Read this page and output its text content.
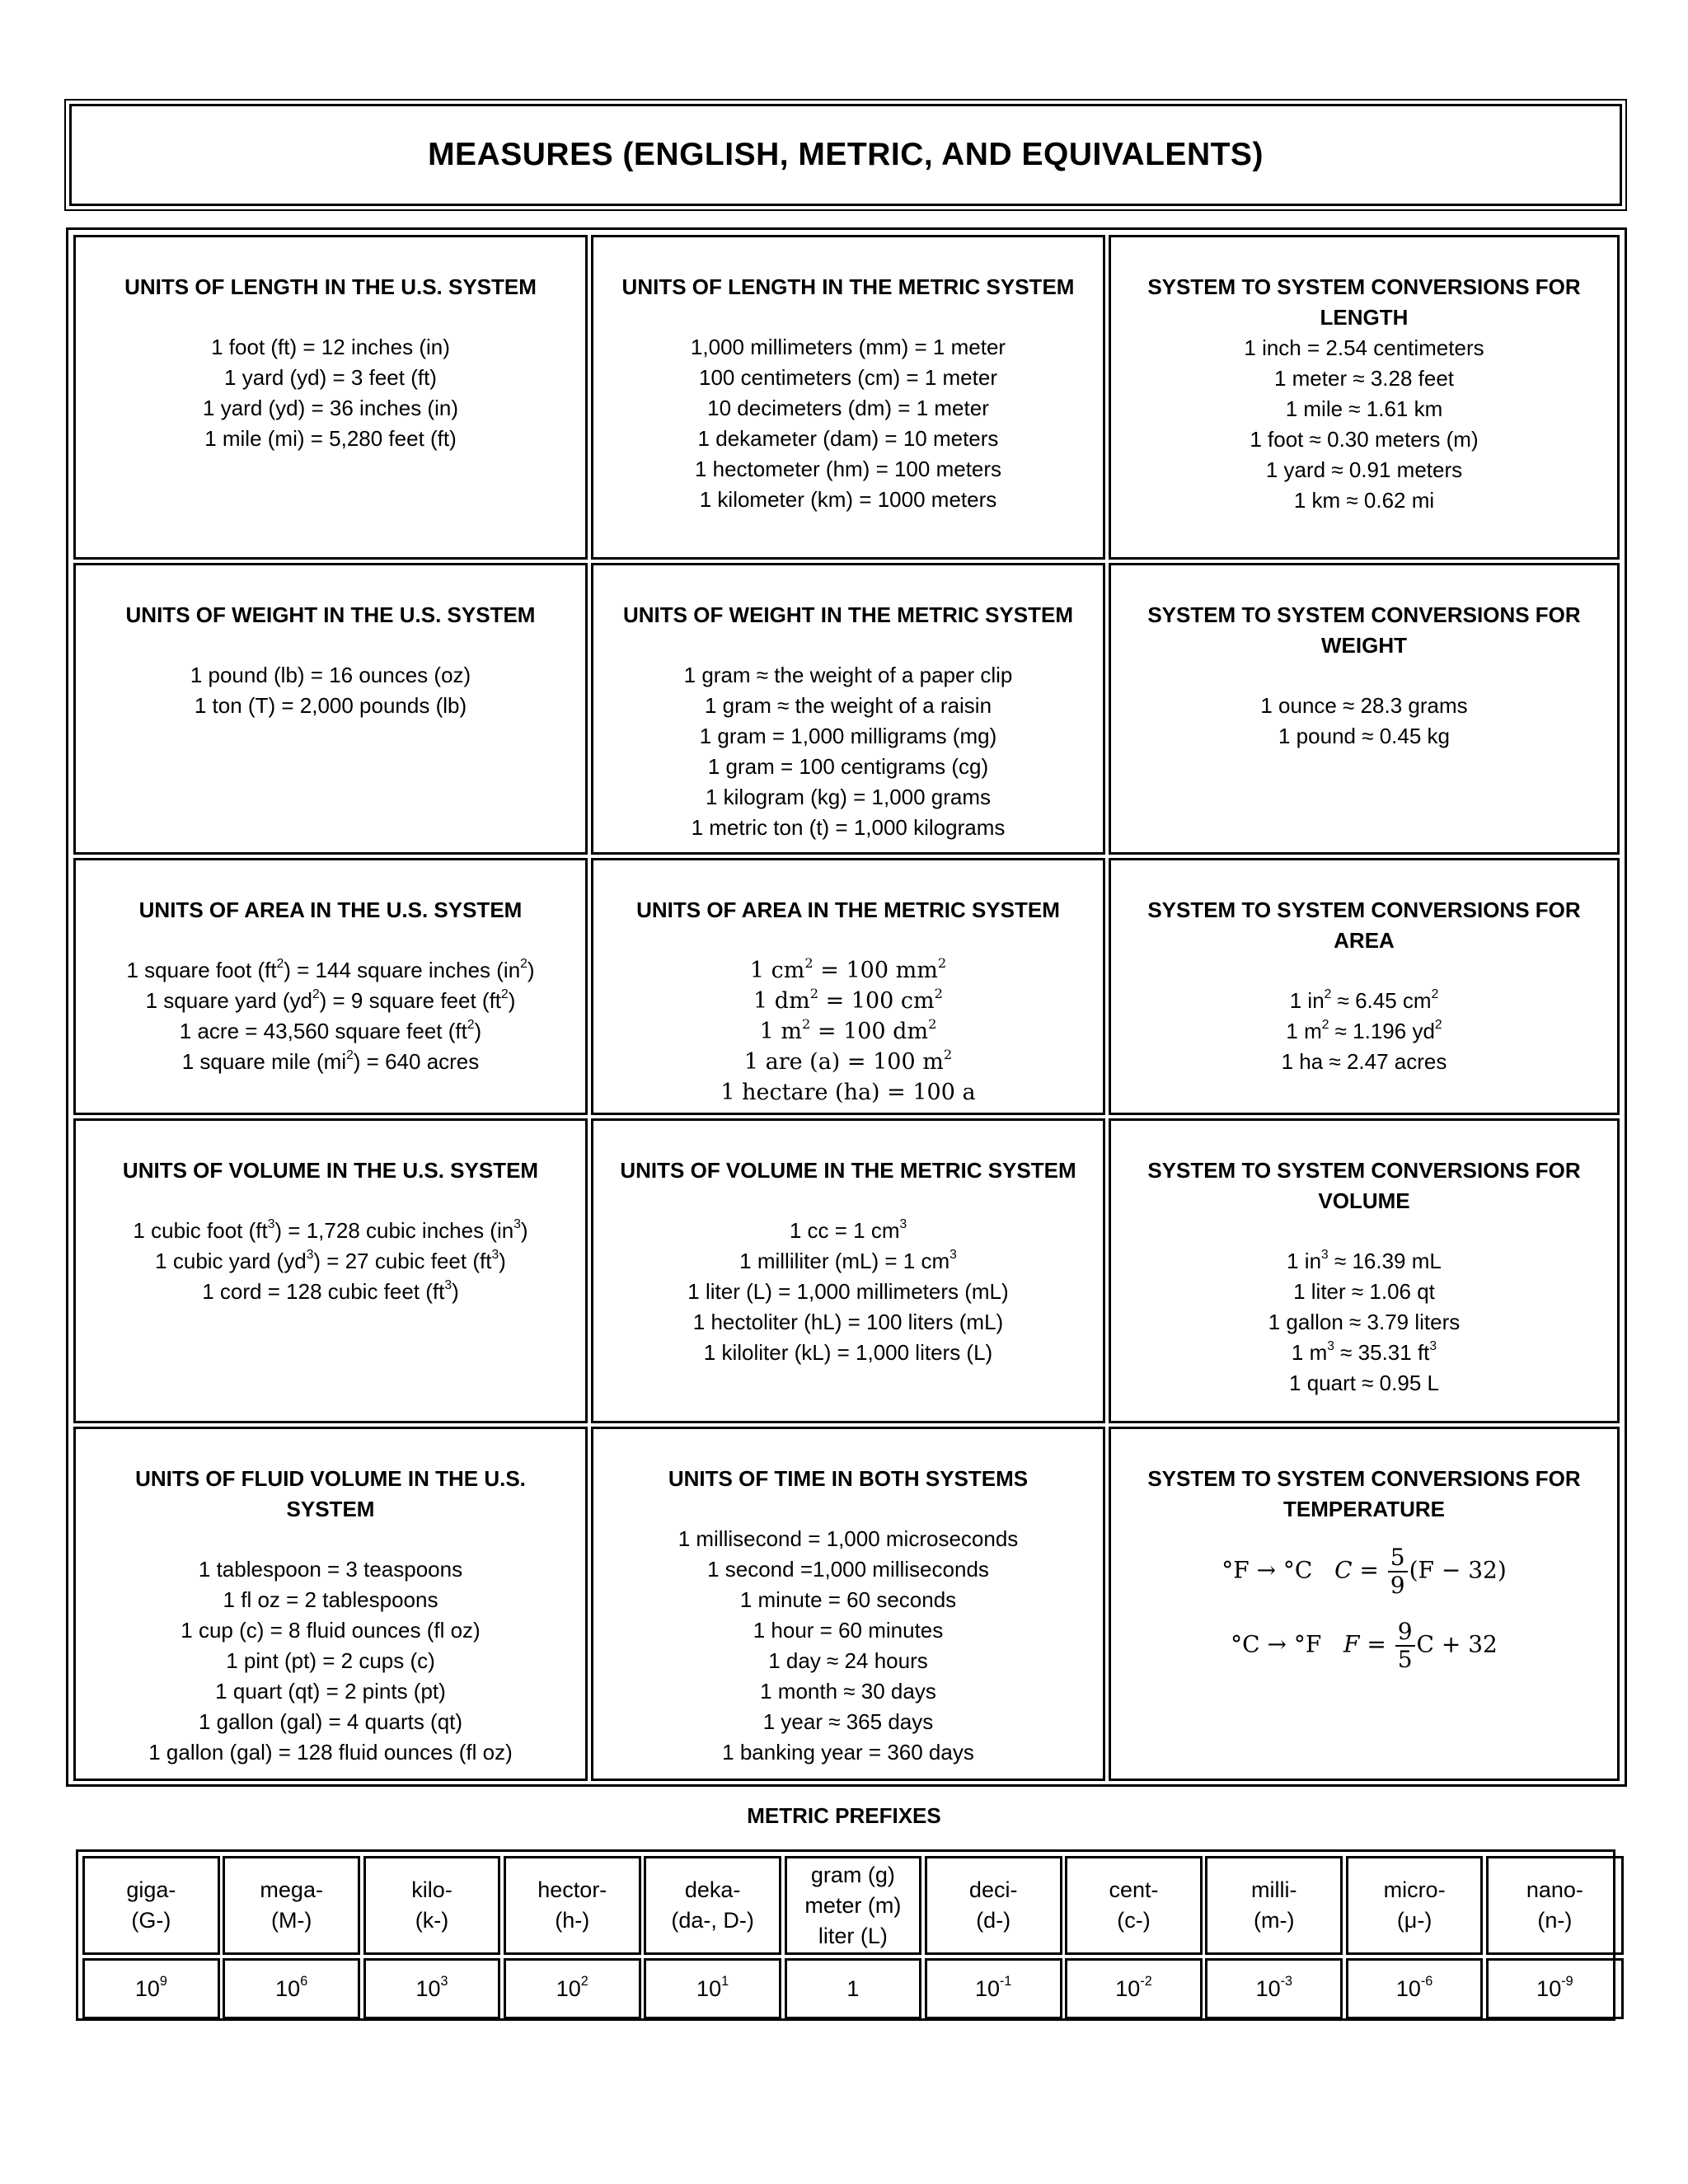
MEASURES (ENGLISH, METRIC, AND EQUIVALENTS)
UNITS OF LENGTH IN THE U.S. SYSTEM
1 foot (ft) = 12 inches (in)
1 yard (yd) = 3 feet (ft)
1 yard (yd) = 36 inches (in)
1 mile (mi) = 5,280 feet (ft)
UNITS OF LENGTH IN THE METRIC SYSTEM
1,000 millimeters (mm) = 1 meter
100 centimeters (cm) = 1 meter
10 decimeters (dm) = 1 meter
1 dekameter (dam) = 10 meters
1 hectometer (hm) = 100 meters
1 kilometer (km) = 1000 meters
SYSTEM TO SYSTEM CONVERSIONS FOR LENGTH
1 inch = 2.54 centimeters
1 meter ≈ 3.28 feet
1 mile ≈ 1.61 km
1 foot ≈ 0.30 meters (m)
1 yard ≈ 0.91 meters
1 km ≈ 0.62 mi
UNITS OF WEIGHT IN THE U.S. SYSTEM
1 pound (lb) = 16 ounces (oz)
1 ton (T) = 2,000 pounds (lb)
UNITS OF WEIGHT IN THE METRIC SYSTEM
1 gram ≈ the weight of a paper clip
1 gram ≈ the weight of a raisin
1 gram = 1,000 milligrams (mg)
1 gram = 100 centigrams (cg)
1 kilogram (kg) = 1,000 grams
1 metric ton (t) = 1,000 kilograms
SYSTEM TO SYSTEM CONVERSIONS FOR WEIGHT
1 ounce ≈ 28.3 grams
1 pound ≈ 0.45 kg
UNITS OF AREA IN THE U.S. SYSTEM
1 square foot $(ft^2) = 144$ square inches $(in^2)$
1 square yard $(yd^2) = 9$ square feet $(ft^2)$
1 acre = 43,560 square feet $(ft^2)$
1 square mile $(mi^2) = 640$ acres
UNITS OF AREA IN THE METRIC SYSTEM
1 $cm^2 = 100$ $mm^2$
1 $dm^2 = 100$ $cm^2$
1 $m^2 = 100$ $dm^2$
1 are (a) = 100 $m^2$
1 hectare (ha) = 100 a
SYSTEM TO SYSTEM CONVERSIONS FOR AREA
1 $in^2 \approx 6.45$ $cm^2$
1 $m^2 \approx 1.196$ $yd^2$
1 ha ≈ 2.47 acres
UNITS OF VOLUME IN THE U.S. SYSTEM
1 cubic foot $(ft^3) = 1,728$ cubic inches $(in^3)$
1 cubic yard $(yd^3) = 27$ cubic feet $(ft^3)$
1 cord = 128 cubic feet $(ft^3)$
UNITS OF VOLUME IN THE METRIC SYSTEM
1 cc = 1 $cm^3$
1 milliliter (mL) = 1 $cm^3$
1 liter (L) = 1,000 millimeters (mL)
1 hectoliter (hL) = 100 liters (mL)
1 kiloliter (kL) = 1,000 liters (L)
SYSTEM TO SYSTEM CONVERSIONS FOR VOLUME
1 $in^3 \approx 16.39$ mL
1 liter ≈ 1.06 qt
1 gallon ≈ 3.79 liters
1 $m^3 \approx 35.31$ $ft^3$
1 quart ≈ 0.95 L
UNITS OF FLUID VOLUME IN THE U.S. SYSTEM
1 tablespoon = 3 teaspoons
1 fl oz = 2 tablespoons
1 cup (c) = 8 fluid ounces (fl oz)
1 pint (pt) = 2 cups (c)
1 quart (qt) = 2 pints (pt)
1 gallon (gal) = 4 quarts (qt)
1 gallon (gal) = 128 fluid ounces (fl oz)
UNITS OF TIME IN BOTH SYSTEMS
1 millisecond = 1,000 microseconds
1 second =1,000 milliseconds
1 minute = 60 seconds
1 hour = 60 minutes
1 day ≈ 24 hours
1 month ≈ 30 days
1 year ≈ 365 days
1 banking year = 360 days
SYSTEM TO SYSTEM CONVERSIONS FOR TEMPERATURE
°F → °C $C = \frac{5}{9} (F - 32)$
°C → °F $F = \frac{9}{5}$ C + 32
METRIC PREFIXES
giga-
(G-)
$10^9$
mega-
(M-)
$10^6$
kilo-
(k-)
$10^3$
hector-
(h-)
$10^2$
deka-
(da-, D-)
$10^1$
gram (g)
meter (m)
liter (L)
1
deci-
(d-)
$10^{-1}$
cent-
(c-)
$10^{-2}$
milli-
(m-)
$10^{-3}$
micro-
(μ-)
$10^{-6}$
nano-
(n-)
$10^{-9}$
